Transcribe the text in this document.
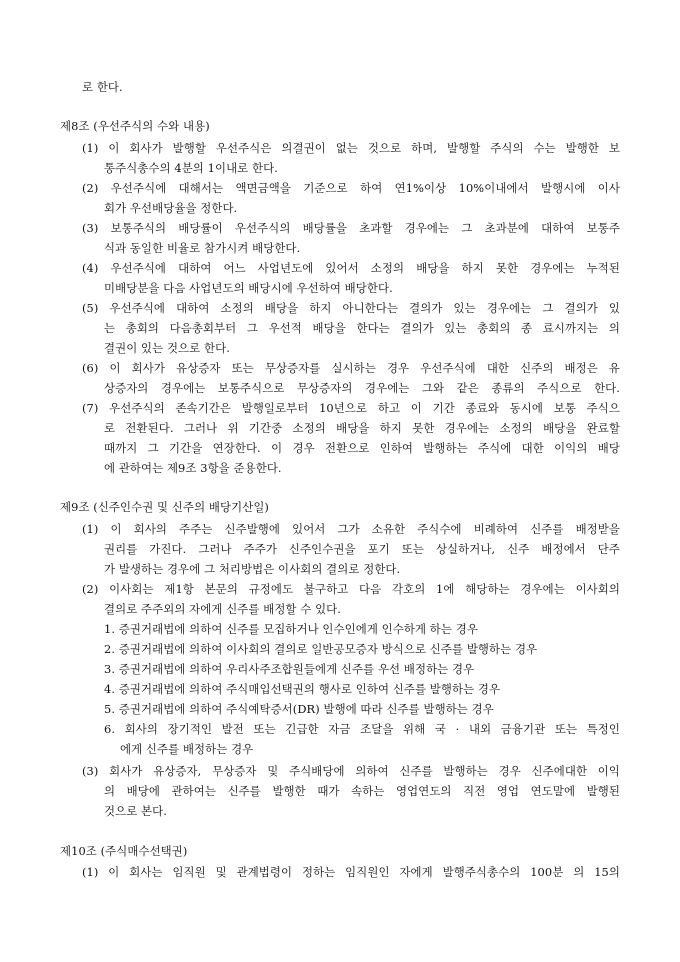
로 한다.
제8조 (우선주식의 수와 내용)
(1) 이 회사가 발행할 우선주식은 의결권이 없는 것으로 하며, 발행할 주식의 수는 발행한 보
통주식총수의 4분의 1이내로 한다.
(2) 우선주식에 대해서는 액면금액을 기준으로 하여 연1%이상 10%이내에서 발행시에 이사
회가 우선배당율을 정한다.
(3) 보통주식의 배당률이 우선주식의 배당률을 초과할 경우에는 그 초과분에 대하여 보통주
식과 동일한 비율로 참가시켜 배당한다.
(4) 우선주식에 대하여 어느 사업년도에 있어서 소정의 배당을 하지 못한 경우에는 누적된
미배당분을 다음 사업년도의 배당시에 우선하여 배당한다.
(5) 우선주식에 대하여 소정의 배당을 하지 아니한다는 결의가 있는 경우에는 그 결의가 있
는 총회의 다음총회부터 그 우선적 배당을 한다는 결의가 있는 총회의 종 료시까지는 의
결권이 있는 것으로 한다.
(6) 이 회사가 유상증자 또는 무상증자를 실시하는 경우 우선주식에 대한 신주의 배정은 유
상증자의 경우에는 보통주식으로 무상증자의 경우에는 그와 같은 종류의 주식으로 한다.
(7) 우선주식의 존속기간은 발행일로부터 10년으로 하고 이 기간 종료와 동시에 보통 주식으
로 전환된다. 그러나 위 기간중 소정의 배당을 하지 못한 경우에는 소정의 배당을 완료할
때까지 그 기간을 연장한다. 이 경우 전환으로 인하여 발행하는 주식에 대한 이익의 배당
에 관하여는 제9조 3항을 준용한다.
제9조 (신주인수권 및 신주의 배당기산일)
(1) 이 회사의 주주는 신주발행에 있어서 그가 소유한 주식수에 비례하여 신주를 배정받을
권리를 가진다. 그러나 주주가 신주인수권을 포기 또는 상실하거나, 신주 배정에서 단주
가 발생하는 경우에 그 처리방법은 이사회의 결의로 정한다.
(2) 이사회는 제1항 본문의 규정에도 불구하고 다음 각호의 1에 해당하는 경우에는 이사회의
결의로 주주외의 자에게 신주를 배정할 수 있다.
1. 증권거래법에 의하여 신주를 모집하거나 인수인에게 인수하게 하는 경우
2. 증권거래법에 의하여 이사회의 결의로 일반공모증자 방식으로 신주를 발행하는 경우
3. 증권거래법에 의하여 우리사주조합원들에게 신주를 우선 배정하는 경우
4. 증권거래법에 의하여 주식매입선택권의 행사로 인하여 신주를 발행하는 경우
5. 증권거래법에 의하여 주식예탁증서(DR) 발행에 따라 신주를 발행하는 경우
6. 회사의 장기적인 발전 또는 긴급한 자금 조달을 위해 국 · 내외 금융기관 또는 특정인
에게 신주를 배정하는 경우
(3) 회사가 유상증자, 무상증자 및 주식배당에 의하여 신주를 발행하는 경우 신주에대한 이익
의 배당에 관하여는 신주를 발행한 때가 속하는 영업연도의 직전 영업 연도말에 발행된
것으로 본다.
제10조 (주식매수선택권)
(1) 이 회사는 임직원 및 관계법령이 정하는 임직원인 자에게 발행주식총수의 100분 의 15의
